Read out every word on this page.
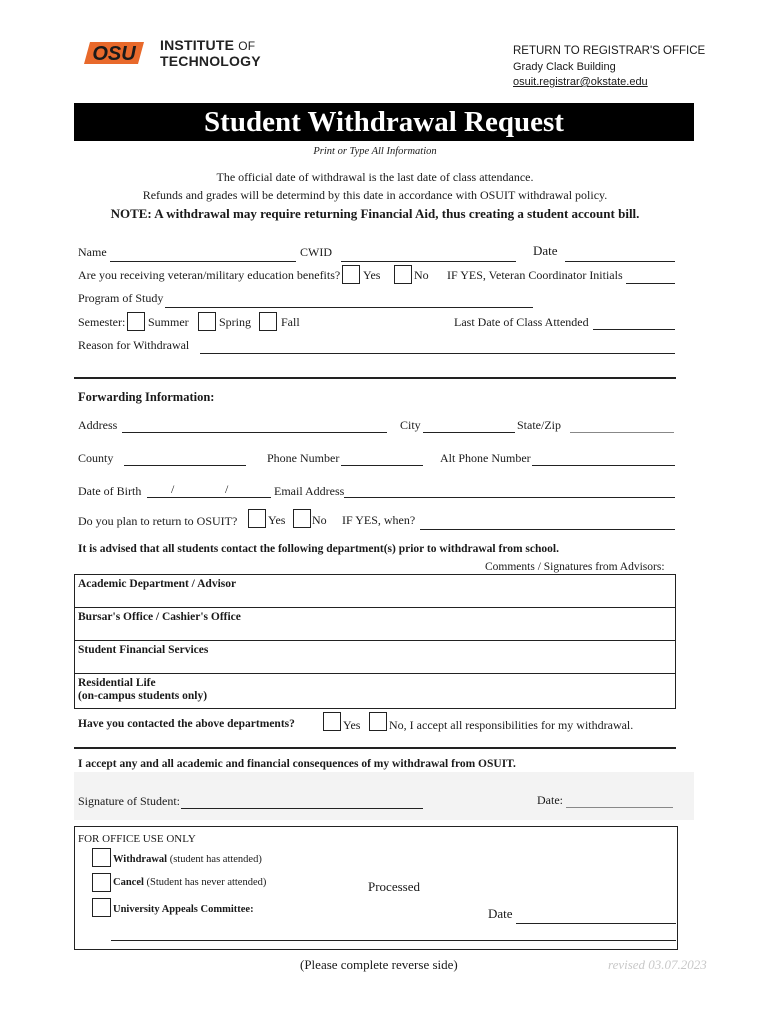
OSU INSTITUTE OF
TECHNOLOGY
RETURN TO REGISTRAR'S OFFICE
Grady Clack Building
osuit.registrar@okstate.edu
Student Withdrawal Request
Print or Type All Information
The official date of withdrawal is the last date of class attendance.
Refunds and grades will be determind by this date in accordance with OSUIT withdrawal policy.
NOTE: A withdrawal may require returning Financial Aid, thus creating a student account bill.
Name	CWID	Date
Are you receiving veteran/military education benefits? Yes	No IF YES, Veteran Coordinator Initials
Program of Study
Semester: Summer	Spring Fall	Last Date of Class Attended
Reason for Withdrawal
Forwarding Information:
Address	City	State/Zip
County	Phone Number	Alt Phone Number
Date of Birth /	/	Email Address
Do you plan to return to OSUIT?	Yes No IF YES, when?
It is advised that all students contact the following department(s) prior to withdrawal from school.
Comments / Signatures from Advisors:
Academic Department / Advisor
Bursar's Office / Cashier's Office
Student Financial Services
Residential Life
(on-campus students only)
Have you contacted the above departments?	Yes No, I accept all responsibilities for my withdrawal.
I accept any and all academic and financial consequences of my withdrawal from OSUIT.
Signature of Student:	Date:
FOR OFFICE USE ONLY
Withdrawal (student has attended)
Cancel (Student has never attended)	Processed
University Appeals Committee:	Date
(Please complete reverse side)	revised 03.07.2023
